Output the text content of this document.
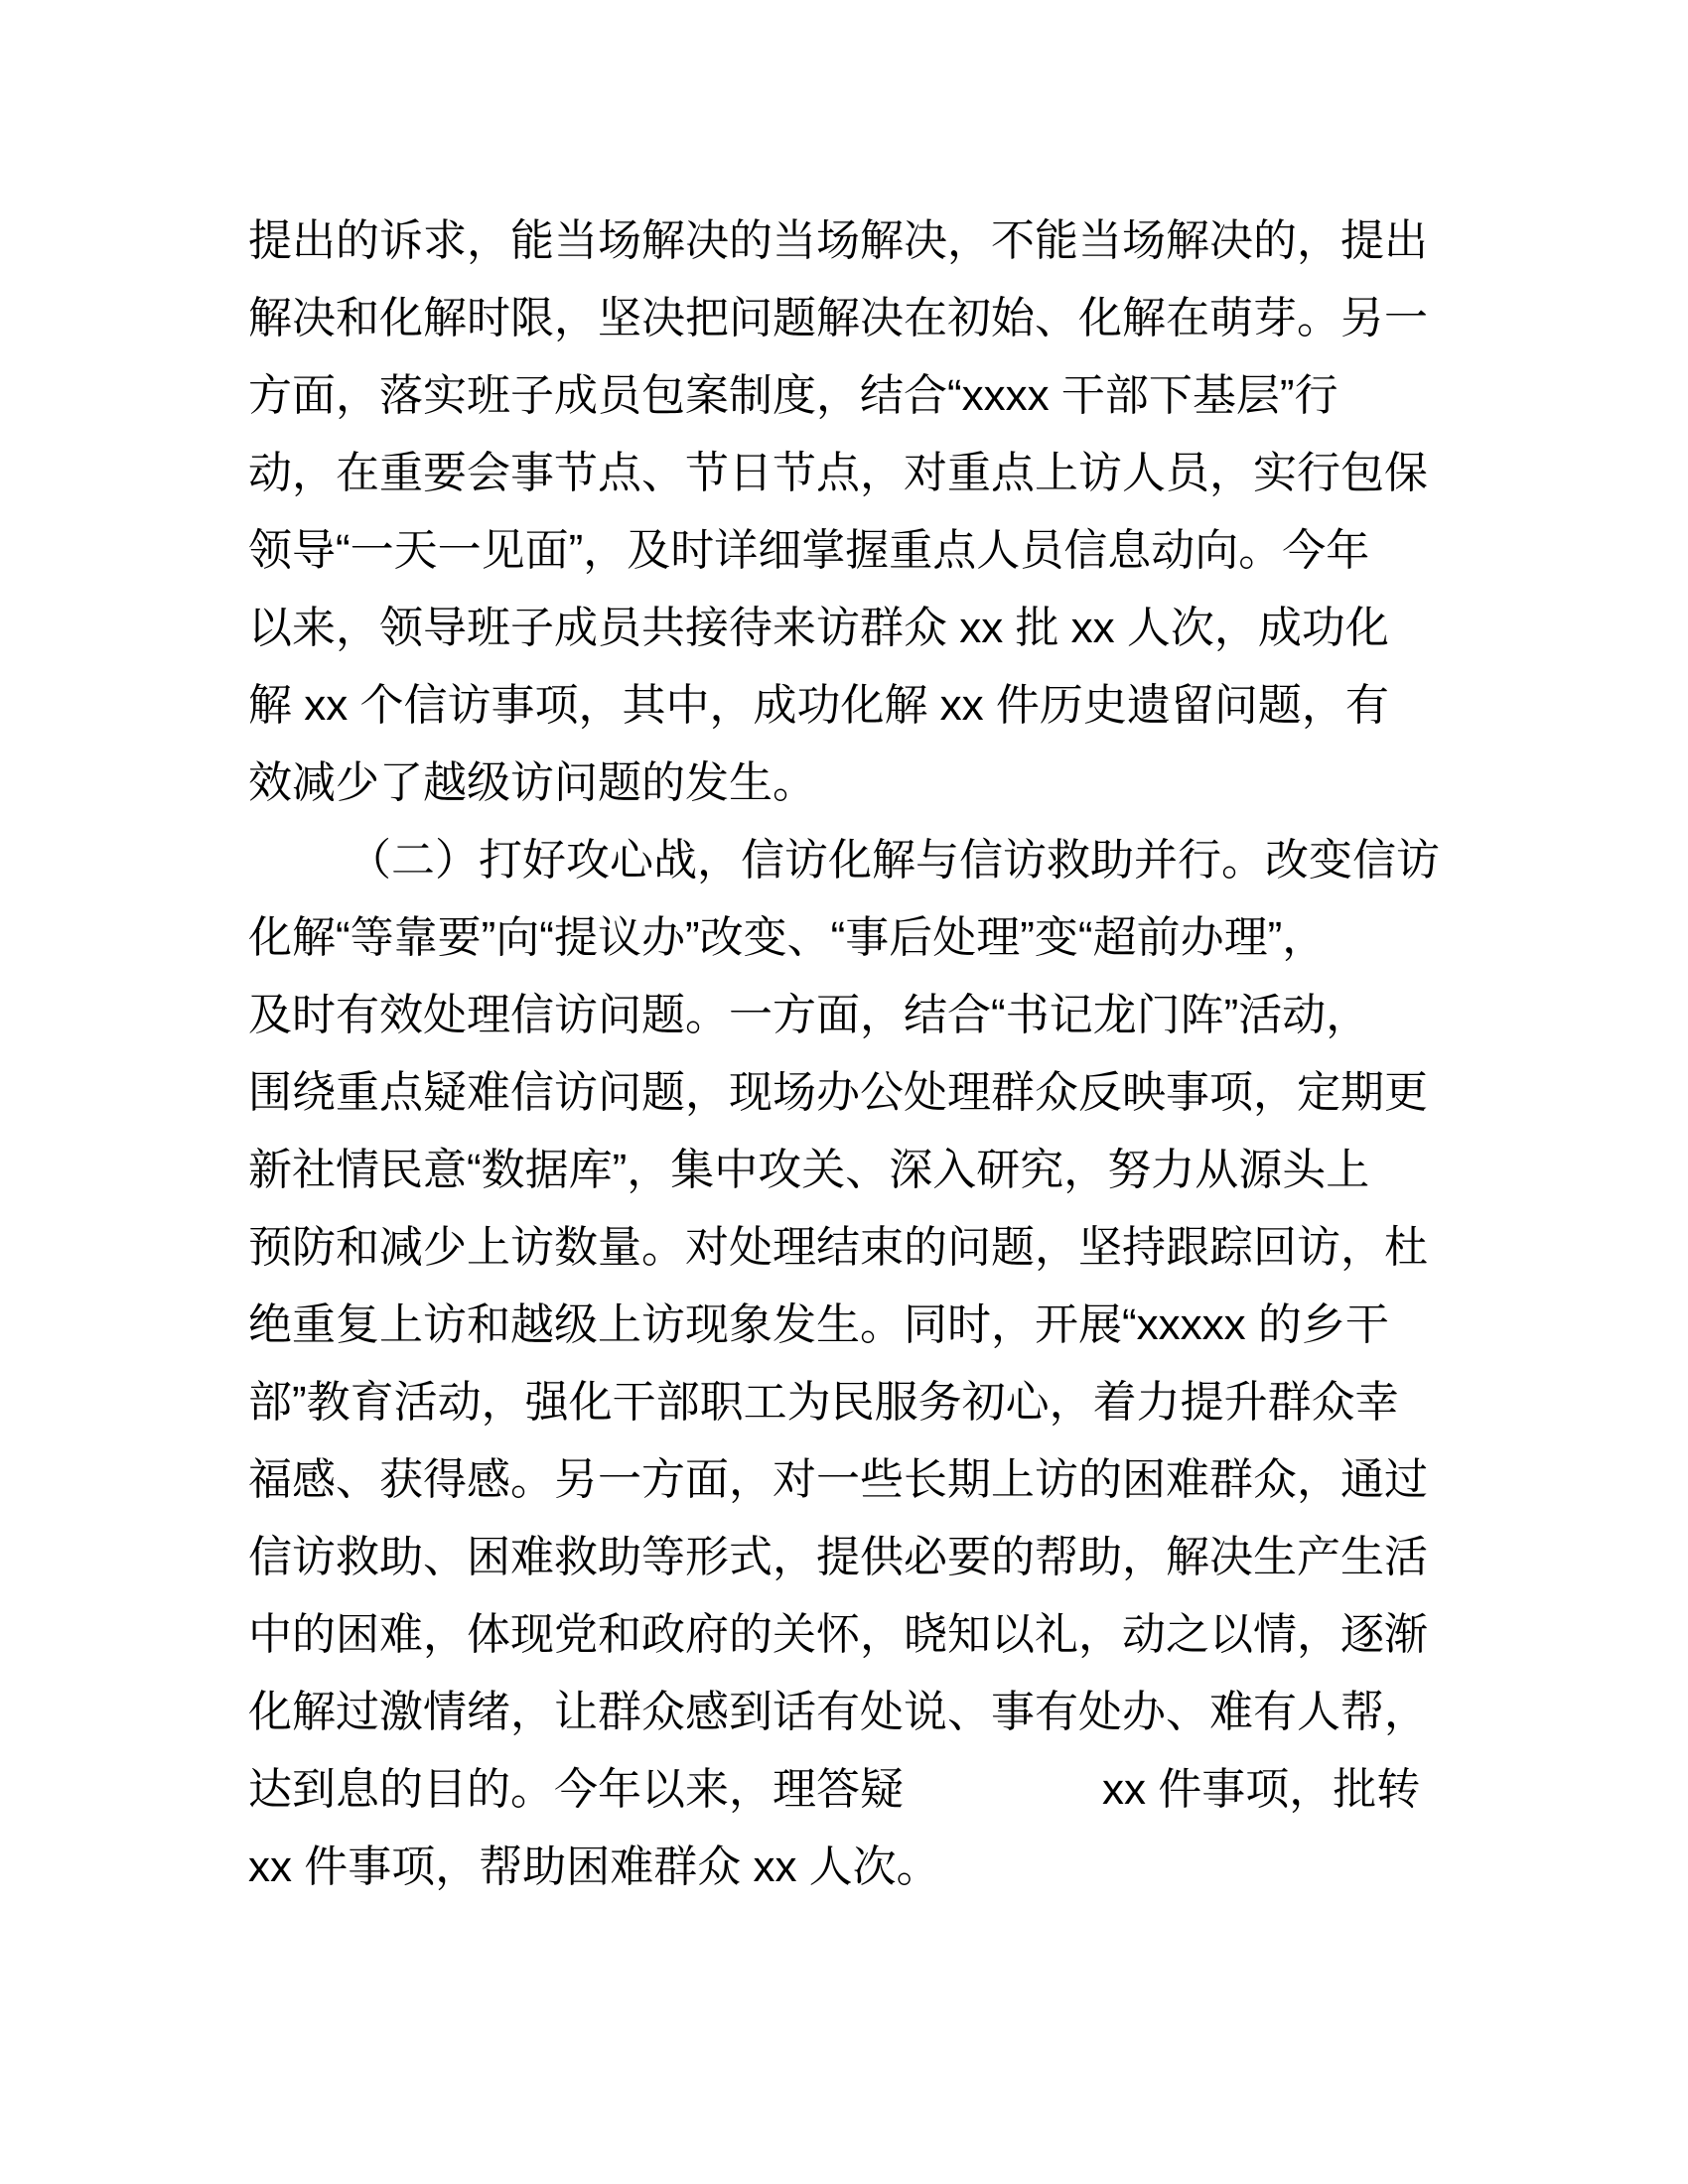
提出的诉求，能当场解决的当场解决，不能当场解决的，提出
解决和化解时限，坚决把问题解决在初始、化解在萌芽。另一
方面，落实班子成员包案制度，结合“xxxx 干部下基层”行
动，在重要会事节点、节日节点，对重点上访人员，实行包保
领导“一天一见面”，及时详细掌握重点人员信息动向。今年
以来，领导班子成员共接待来访群众 xx 批 xx 人次，成功化
解 xx 个信访事项，其中，成功化解 xx 件历史遗留问题，有
效减少了越级访问题的发生。
（二）打好攻心战，信访化解与信访救助并行。改变信访
化解“等靠要”向“提议办”改变、“事后处理”变“超前办理”，
及时有效处理信访问题。一方面，结合“书记龙门阵”活动，
围绕重点疑难信访问题，现场办公处理群众反映事项，定期更
新社情民意“数据库”，集中攻关、深入研究，努力从源头上
预防和减少上访数量。对处理结束的问题，坚持跟踪回访，杜
绝重复上访和越级上访现象发生。同时，开展“xxxxx 的乡干
部”教育活动，强化干部职工为民服务初心，着力提升群众幸
福感、获得感。另一方面，对一些长期上访的困难群众，通过
信访救助、困难救助等形式，提供必要的帮助，解决生产生活
中的困难，体现党和政府的关怀，晓知以礼，动之以情，逐渐
化解过激情绪，让群众感到话有处说、事有处办、难有人帮，
达到息的目的。今年以来，理答疑	xx 件事项，批转
xx 件事项，帮助困难群众 xx 人次。
